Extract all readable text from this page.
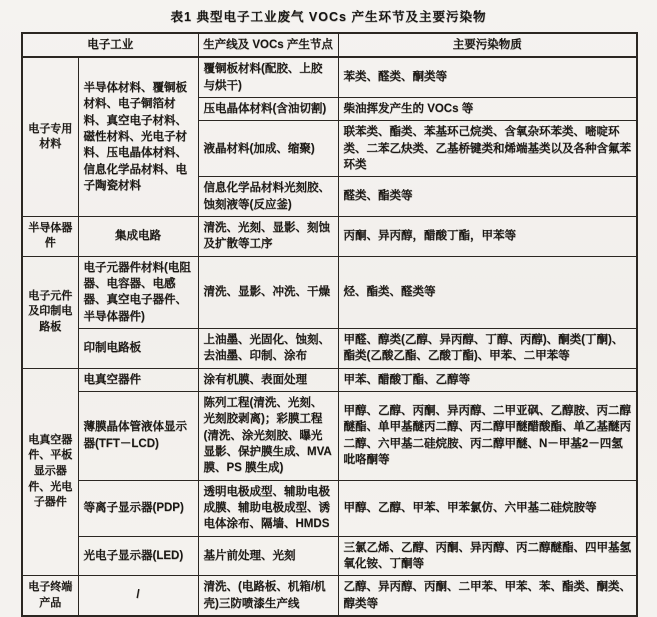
表1 典型电子工业废气 VOCs 产生环节及主要污染物
电子工业		生产线及 VOCs 产生节点	主要污染物质
电子专用材料	半导体材料、覆铜板材料、电子铜箔材料、真空电子材料、磁性材料、光电子材料、压电晶体材料、信息化学品材料、电子陶瓷材料	覆铜板材料(配胶、上胶与烘干)	苯类、醛类、酮类等
		压电晶体材料(含油切割)	柴油挥发产生的 VOCs 等
		液晶材料(加成、缩聚)	联苯类、酯类、苯基环己烷类、含氧杂环苯类、嘧啶环类、二苯乙炔类、乙基桥键类和烯端基类以及各种含氟苯环类
		信息化学品材料光刻胶、蚀刻液等(反应釜)	醛类、酯类等
半导体器件	集成电路	清洗、光刻、显影、刻蚀及扩散等工序	丙酮、异丙醇，醋酸丁酯，甲苯等
电子元件及印制电路板	电子元器件材料(电阻器、电容器、电感器、真空电子器件、半导体器件)	清洗、显影、冲洗、干燥	烃、酯类、醛类等
	印制电路板	上油墨、光固化、蚀刻、去油墨、印制、涂布	甲醛、醇类(乙醇、异丙醇、丁醇、丙醇)、酮类(丁酮)、酯类(乙酸乙酯、乙酸丁酯)、甲苯、二甲苯等
电真空器件、平板显示器件、光电子器件	电真空器件	涂有机膜、表面处理	甲苯、醋酸丁酯、乙醇等
	薄膜晶体管液体显示器(TFT－LCD)	陈列工程(清洗、光刻、光刻胶剥离)；彩膜工程(清洗、涂光刻胶、曝光显影、保护膜生成、MVA 膜、PS 膜生成)	甲醇、乙醇、丙酮、异丙醇、二甲亚砜、乙醇胺、丙二醇醚酯、单甲基醚丙二醇、丙二醇甲醚醋酸酯、单乙基醚丙二醇、六甲基二硅烷胺、丙二醇甲醚、N－甲基2－四氢吡咯酮等
	等离子显示器(PDP)	透明电极成型、辅助电极成膜、辅助电极成型、诱电体涂布、隔墙、HMDS	甲醇、乙醇、甲苯、甲苯氯仿、六甲基二硅烷胺等
	光电子显示器(LED)	基片前处理、光刻	三氯乙烯、乙醇、丙酮、异丙醇、丙二醇醚酯、四甲基氢氧化铵、丁酮等
电子终端产品	/	清洗、(电路板、机箱/机壳)三防喷漆生产线	乙醇、异丙醇、丙酮、二甲苯、甲苯、苯、酯类、酮类、醇类等
